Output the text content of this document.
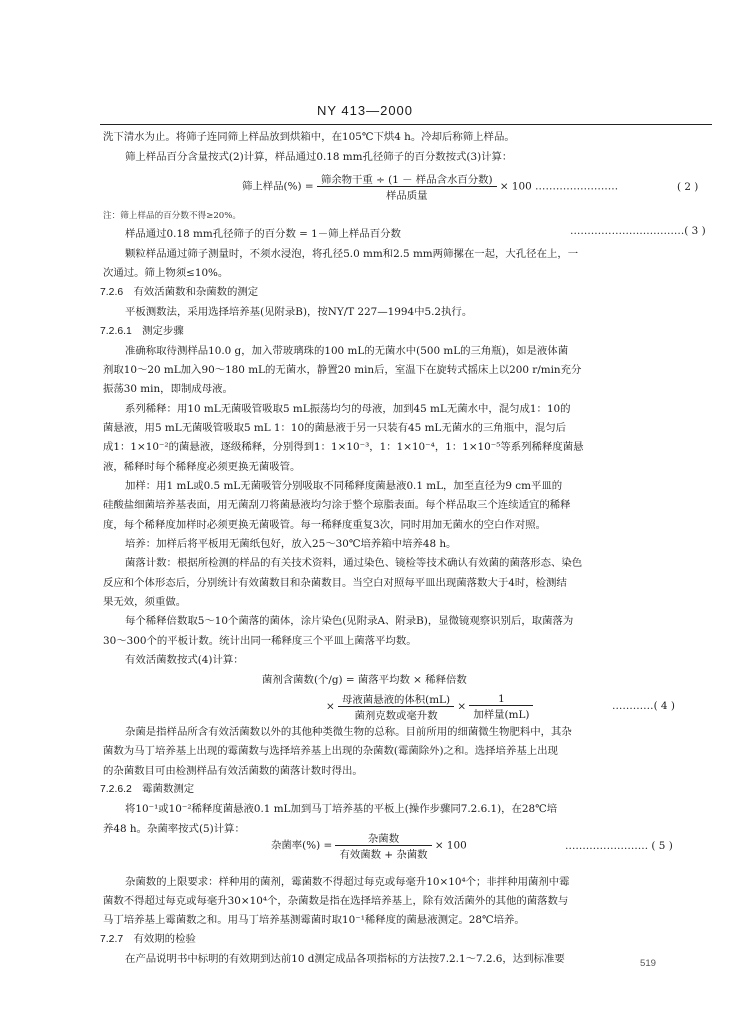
NY 413—2000
洗下清水为止。将筛子连同筛上样品放到烘箱中，在105℃下烘4 h。冷却后称筛上样品。
筛上样品百分含量按式(2)计算，样品通过0.18 mm孔径筛子的百分数按式(3)计算：
筛上样品(%) = $\frac{\text{筛余物干重 ÷ (1 － 样品含水百分数)}}{\text{样品质量}} \times 100$ ……………………	( 2 )
注：筛上样品的百分数不得≥20%。
样品通过0.18 mm孔径筛子的百分数 = 1－筛上样品百分数	……………………………( 3 )
颗粒样品通过筛子测量时，不须水浸泡，将孔径5.0 mm和2.5 mm两筛摞在一起，大孔径在上，一
次通过。筛上物须≤10%。
7.2.6　有效活菌数和杂菌数的测定
平板测数法，采用选择培养基(见附录B)，按NY/T 227—1994中5.2执行。
7.2.6.1　测定步骤
准确称取待测样品10.0 g，加入带玻璃珠的100 mL的无菌水中(500 mL的三角瓶)，如是液体菌
剂取10～20 mL加入90～180 mL的无菌水，静置20 min后，室温下在旋转式摇床上以200 r/min充分
振荡30 min，即制成母液。
系列稀释：用10 mL无菌吸管吸取5 mL振荡均匀的母液，加到45 mL无菌水中，混匀成1：10的
菌悬液，用5 mL无菌吸管吸取5 mL 1：10的菌悬液于另一只装有45 mL无菌水的三角瓶中，混匀后
成1：1×10⁻²的菌悬液，逐级稀释，分别得到1：1×10⁻³，1：1×10⁻⁴，1：1×10⁻⁵等系列稀释度菌悬
液，稀释时每个稀释度必须更换无菌吸管。
加样：用1 mL或0.5 mL无菌吸管分别吸取不同稀释度菌悬液0.1 mL，加至直径为9 cm平皿的
硅酸盐细菌培养基表面，用无菌刮刀将菌悬液均匀涂于整个琼脂表面。每个样品取三个连续适宜的稀释
度，每个稀释度加样时必须更换无菌吸管。每一稀释度重复3次，同时用加无菌水的空白作对照。
培养：加样后将平板用无菌纸包好，放入25～30℃培养箱中培养48 h。
菌落计数：根据所检测的样品的有关技术资料，通过染色、镜检等技术确认有效菌的菌落形态、染色
反应和个体形态后，分别统计有效菌数目和杂菌数目。当空白对照每平皿出现菌落数大于4时，检测结
果无效，须重做。
每个稀释倍数取5～10个菌落的菌体，涂片染色(见附录A、附录B)，显微镜观察识别后，取菌落为
30～300个的平板计数。统计出同一稀释度三个平皿上菌落平均数。
有效活菌数按式(4)计算：
菌剂含菌数(个/g) = 菌落平均数 × 稀释倍数
× $\frac{\text{母液菌悬液的体积(mL)}}{\text{菌剂克数或毫升数}} \times \frac{1}{\text{加样量(mL)}}$	…………( 4 )
杂菌是指样品所含有效活菌数以外的其他种类微生物的总称。目前所用的细菌微生物肥料中，其杂
菌数为马丁培养基上出现的霉菌数与选择培养基上出现的杂菌数(霉菌除外)之和。选择培养基上出现
的杂菌数目可由检测样品有效活菌数的菌落计数时得出。
7.2.6.2　霉菌数测定
将10⁻¹或10⁻²稀释度菌悬液0.1 mL加到马丁培养基的平板上(操作步骤同7.2.6.1)，在28℃培
养48 h。杂菌率按式(5)计算：
杂菌率(%) = $\frac{\text{杂菌数}}{\text{有效菌数 + 杂菌数}} \times 100$	…………………… ( 5 )
杂菌数的上限要求：样种用的菌剂，霉菌数不得超过每克或每毫升10×10⁴个；非拌种用菌剂中霉
菌数不得超过每克或每毫升30×10⁴个，杂菌数是指在选择培养基上，除有效活菌外的其他的菌落数与
马丁培养基上霉菌数之和。用马丁培养基测霉菌时取10⁻¹稀释度的菌悬液测定。28℃培养。
7.2.7　有效期的检验
在产品说明书中标明的有效期到达前10 d测定成品各项指标的方法按7.2.1～7.2.6，达到标准要	519
